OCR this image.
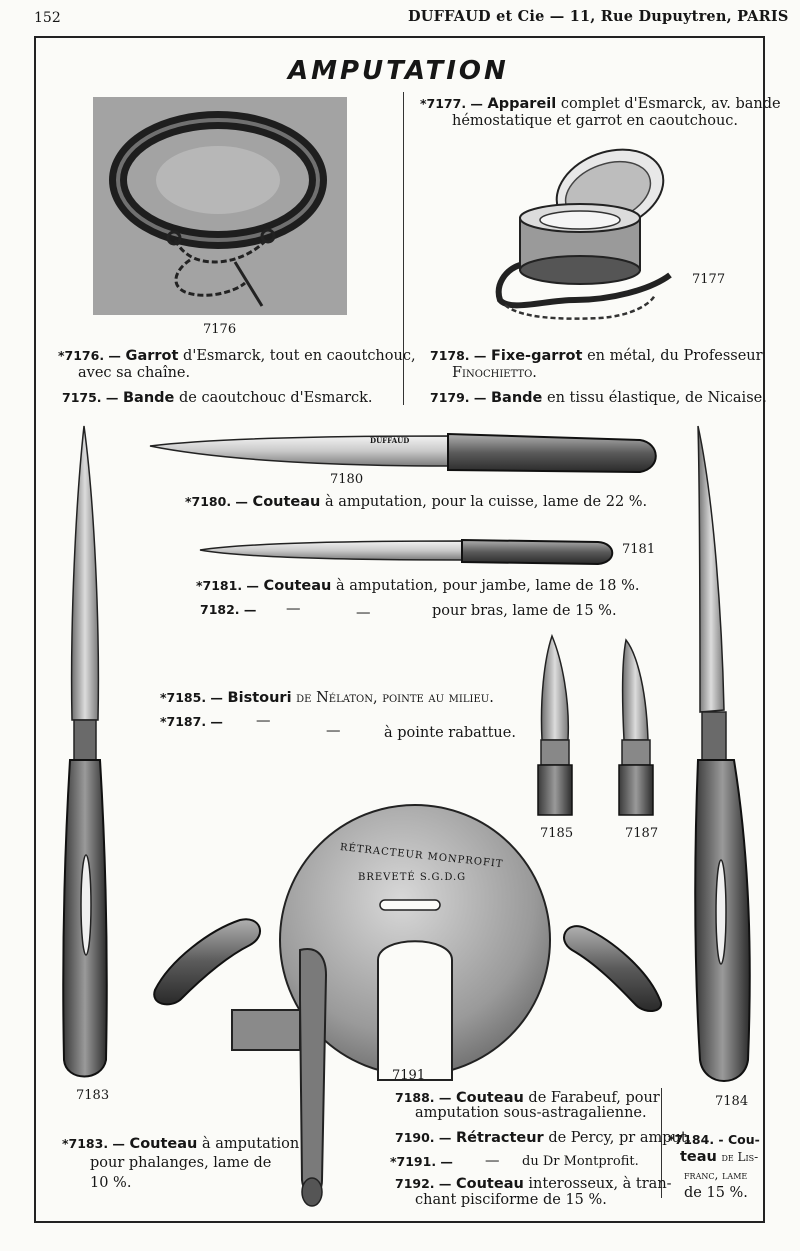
152	DUFFAUD et Cie — 11, Rue Dupuytren, PARIS
AMPUTATION
DUFFAUD
RÉTRACTEUR MONPROFIT
BREVETÉ S.G.D.G
7176
7177
7180
7181
7185	7187
7191
7183	7184
*7177. — Appareil complet d'Esmarck, av. bande
hémostatique et garrot en caoutchouc.
*7176. — Garrot d'Esmarck, tout en caoutchouc,
avec sa chaîne.
7175. — Bande de caoutchouc d'Esmarck.
7178. — Fixe-garrot en métal, du Professeur
Finochietto.
7179. — Bande en tissu élastique, de Nicaise.
*7180. — Couteau à amputation, pour la cuisse, lame de 22 %.
*7181. — Couteau à amputation, pour jambe, lame de 18 %.
7182. — —	—	pour bras, lame de 15 %.
*7185. — Bistouri de Nélaton, pointe au milieu.
*7187. — —
—	à pointe rabattue.
7188. — Couteau de Farabeuf, pour
amputation sous-astragalienne.
7190. — Rétracteur de Percy, pr amput.
*7191. — — du Dr Montprofit.
7192. — Couteau interosseux, à tran-
chant pisciforme de 15 %.
*7183. — Couteau à amputation
pour phalanges, lame de
10 %.
*7184. - Cou-
teau de Lis-
franc, lame
de 15 %.
